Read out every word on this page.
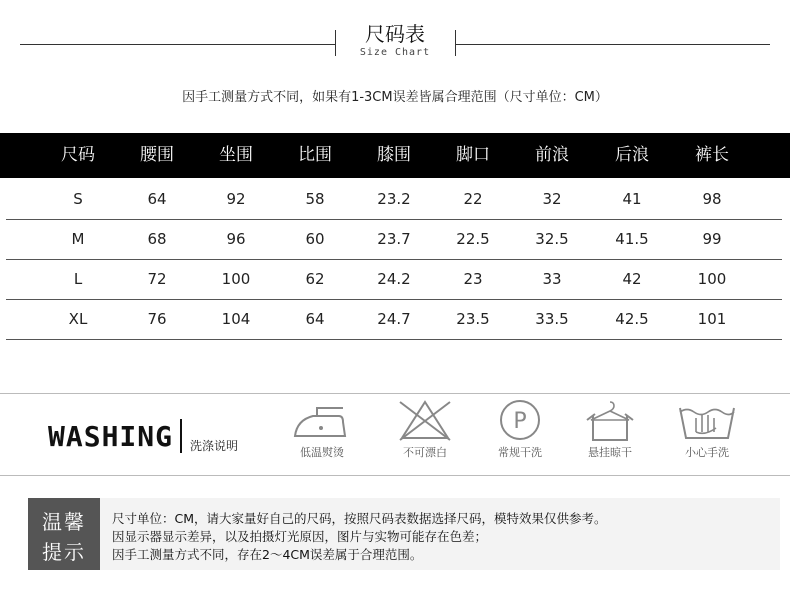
尺码表
Size Chart
因手工测量方式不同，如果有1-3CM误差皆属合理范围（尺寸单位：CM）
尺码	腰围	坐围	比围	膝围	脚口	前浪	后浪	裤长
S	64	92	58	23.2	22	32	41	98
M	68	96	60	23.7	22.5	32.5	41.5	99
L	72	100	62	24.2	23	33	42	100
XL	76	104	64	24.7	23.5	33.5	42.5	101
WASHING 洗涤说明	低温熨烫	不可漂白
P
常规干洗	悬挂晾干	小心手洗
温馨
提示
尺寸单位：CM，请大家量好自己的尺码，按照尺码表数据选择尺码，模特效果仅供参考。
因显示器显示差异，以及拍摄灯光原因，图片与实物可能存在色差；
因手工测量方式不同，存在2～4CM误差属于合理范围。
